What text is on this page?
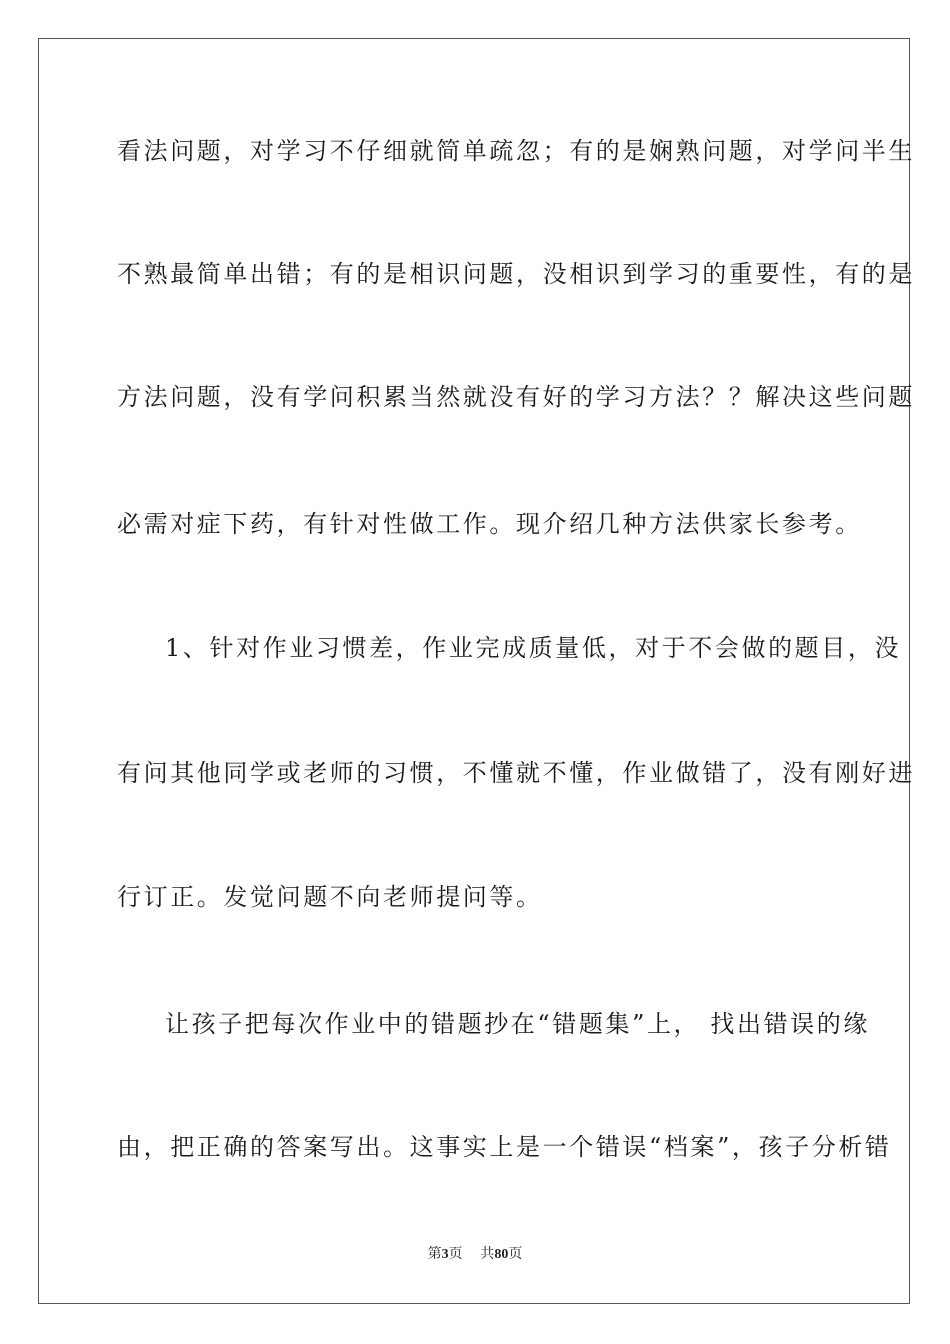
看法问题，对学习不仔细就简单疏忽；有的是娴熟问题，对学问半生
不熟最简单出错；有的是相识问题，没相识到学习的重要性，有的是
方法问题，没有学问积累当然就没有好的学习方法？？解决这些问题
必需对症下药，有针对性做工作。现介绍几种方法供家长参考。
1、针对作业习惯差，作业完成质量低，对于不会做的题目，没
有问其他同学或老师的习惯，不懂就不懂，作业做错了，没有刚好进
行订正。发觉问题不向老师提问等。
让孩子把每次作业中的错题抄在“错题集”上， 找出错误的缘
由，把正确的答案写出。这事实上是一个错误“档案”，孩子分析错
第3页 共80页
